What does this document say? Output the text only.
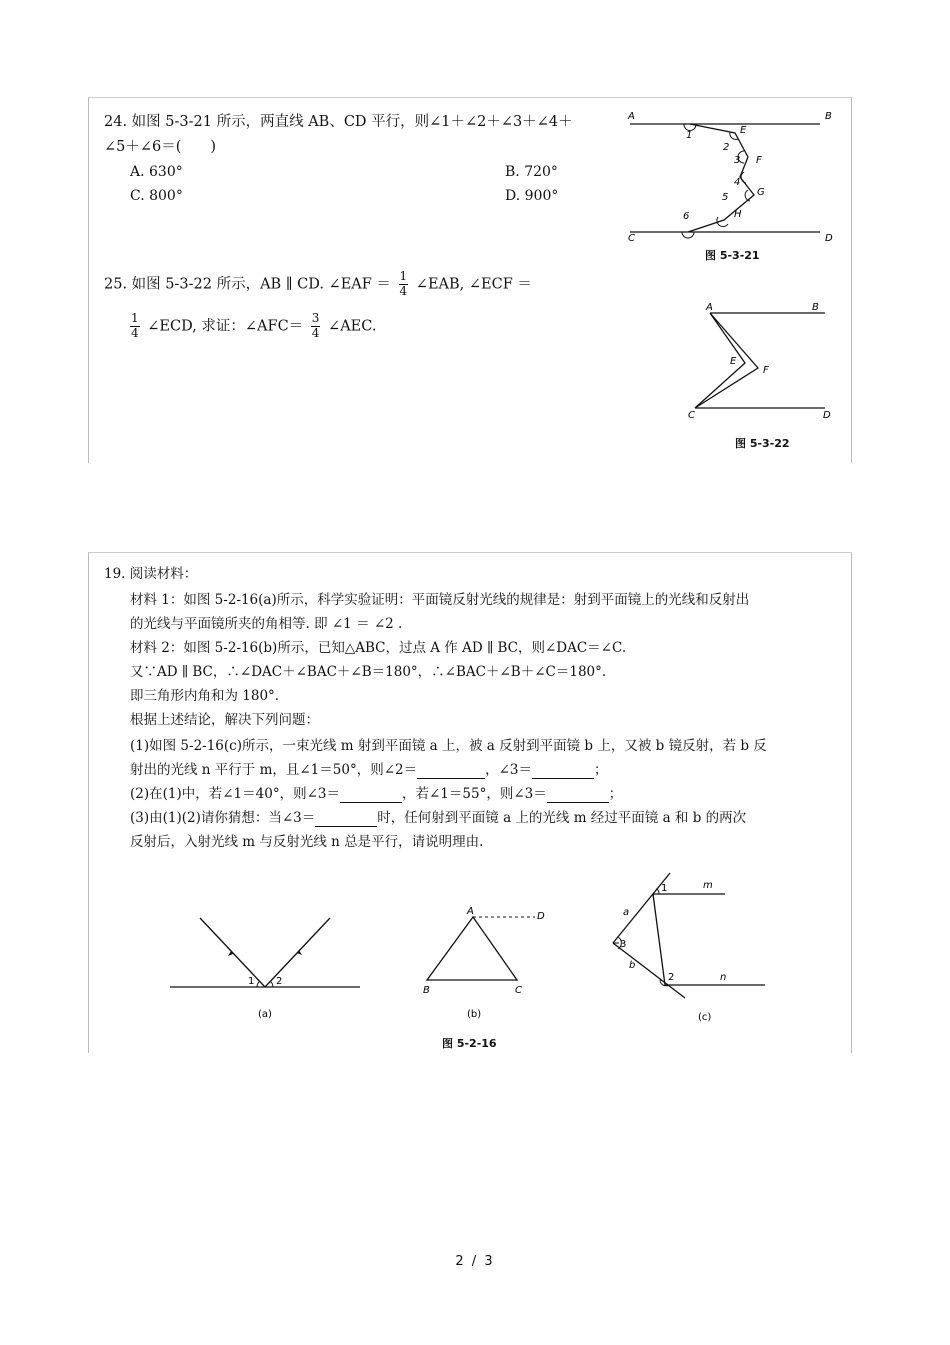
24. 如图 5-3-21 所示，两直线 AB、CD 平行，则∠1＋∠2＋∠3＋∠4＋
∠5＋∠6＝(　　)
A. 630°	B. 720°
C. 800°	D. 900°
A	B
C	D
E
F
G
H
1
2
3
4
5
6
图 5-3-21
25. 如图 5-3-22 所示，AB ∥ CD. ∠EAF ＝ $\frac{1}{4}$ ∠EAB, ∠ECF ＝
$\frac{1}{4}$ ∠ECD, 求证：∠AFC＝ $\frac{3}{4}$ ∠AEC.
A	B
E
F
C	D
图 5-3-22
19. 阅读材料：
材料 1：如图 5-2-16(a)所示，科学实验证明：平面镜反射光线的规律是：射到平面镜上的光线和反射出
的光线与平面镜所夹的角相等. 即 ∠1 ＝ ∠2 .
材料 2：如图 5-2-16(b)所示，已知△ABC，过点 A 作 AD ∥ BC，则∠DAC＝∠C.
又∵AD ∥ BC，∴∠DAC＋∠BAC＋∠B＝180°，∴∠BAC＋∠B＋∠C＝180°.
即三角形内角和为 180°.
根据上述结论，解决下列问题：
(1)如图 5-2-16(c)所示，一束光线 m 射到平面镜 a 上，被 a 反射到平面镜 b 上，又被 b 镜反射，若 b 反
射出的光线 n 平行于 m，且∠1＝50°，则∠2＝	，∠3＝	；
(2)在(1)中，若∠1＝40°，则∠3＝	，若∠1＝55°，则∠3＝	；
(3)由(1)(2)请你猜想：当∠3＝	时，任何射到平面镜 a 上的光线 m 经过平面镜 a 和 b 的两次
反射后，入射光线 m 与反射光线 n 总是平行，请说明理由.
1 2
(a)
A
B	C
D
(b)
a
b
m
n
1
2
3
(c)
图 5-2-16
2 / 3
